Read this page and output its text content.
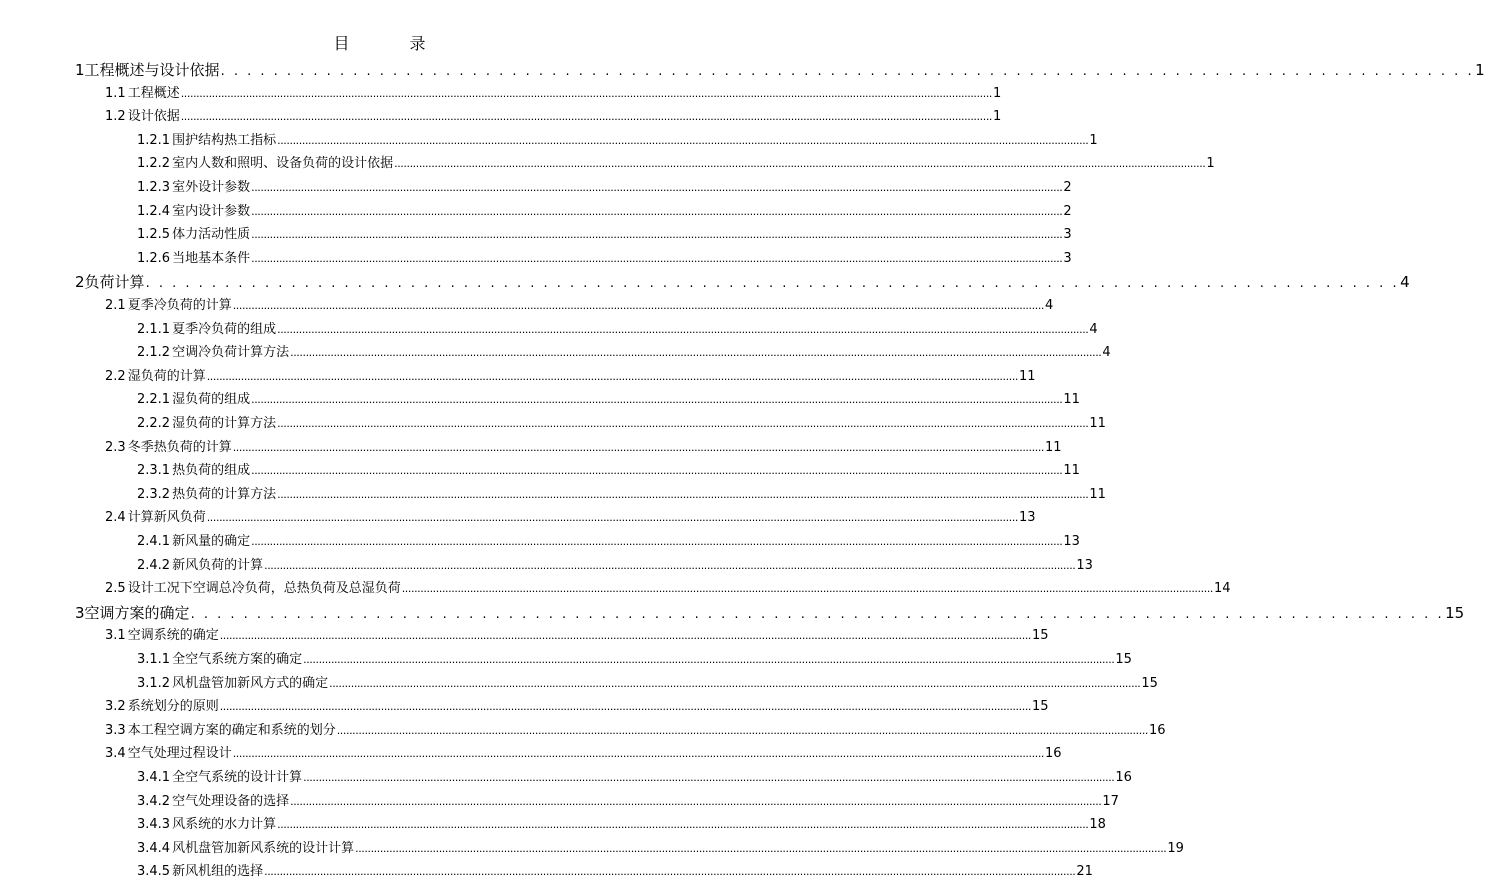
目　录
1 工程概述与设计依据 . . . . . . . . . . . . . . . . . . . . . . . . . . . . . . . . . . . . . . . . . . . . . . . . . . . . . . . . . . . . . . . . . . . . . . . . . . . . . . . . . . . . . . . . . . . . . . . 1
1.1 工程概述 ...................................................................................................................................................................................................................................................................... 1
1.2 设计依据 ...................................................................................................................................................................................................................................................................... 1
1.2.1 围护结构热工指标 ...................................................................................................................................................................................................................................................................... 1
1.2.2 室内人数和照明、设备负荷的设计依据 ...................................................................................................................................................................................................................................................................... 1
1.2.3 室外设计参数 ...................................................................................................................................................................................................................................................................... 2
1.2.4 室内设计参数 ...................................................................................................................................................................................................................................................................... 2
1.2.5 体力活动性质 ...................................................................................................................................................................................................................................................................... 3
1.2.6 当地基本条件 ...................................................................................................................................................................................................................................................................... 3
2 负荷计算 . . . . . . . . . . . . . . . . . . . . . . . . . . . . . . . . . . . . . . . . . . . . . . . . . . . . . . . . . . . . . . . . . . . . . . . . . . . . . . . . . . . . . . . . . . . . . . . 4
2.1 夏季冷负荷的计算 ...................................................................................................................................................................................................................................................................... 4
2.1.1 夏季冷负荷的组成 ...................................................................................................................................................................................................................................................................... 4
2.1.2 空调冷负荷计算方法 ...................................................................................................................................................................................................................................................................... 4
2.2 湿负荷的计算 ...................................................................................................................................................................................................................................................................... 11
2.2.1 湿负荷的组成 ...................................................................................................................................................................................................................................................................... 11
2.2.2 湿负荷的计算方法 ...................................................................................................................................................................................................................................................................... 11
2.3 冬季热负荷的计算 ...................................................................................................................................................................................................................................................................... 11
2.3.1 热负荷的组成 ...................................................................................................................................................................................................................................................................... 11
2.3.2 热负荷的计算方法 ...................................................................................................................................................................................................................................................................... 11
2.4 计算新风负荷 ...................................................................................................................................................................................................................................................................... 13
2.4.1 新风量的确定 ...................................................................................................................................................................................................................................................................... 13
2.4.2 新风负荷的计算 ...................................................................................................................................................................................................................................................................... 13
2.5 设计工况下空调总冷负荷，总热负荷及总湿负荷 ...................................................................................................................................................................................................................................................................... 14
3 空调方案的确定 . . . . . . . . . . . . . . . . . . . . . . . . . . . . . . . . . . . . . . . . . . . . . . . . . . . . . . . . . . . . . . . . . . . . . . . . . . . . . . . . . . . . . . . . . . . . . . . 15
3.1 空调系统的确定 ...................................................................................................................................................................................................................................................................... 15
3.1.1 全空气系统方案的确定 ...................................................................................................................................................................................................................................................................... 15
3.1.2 风机盘管加新风方式的确定 ...................................................................................................................................................................................................................................................................... 15
3.2 系统划分的原则 ...................................................................................................................................................................................................................................................................... 15
3.3 本工程空调方案的确定和系统的划分 ...................................................................................................................................................................................................................................................................... 16
3.4 空气处理过程设计 ...................................................................................................................................................................................................................................................................... 16
3.4.1 全空气系统的设计计算 ...................................................................................................................................................................................................................................................................... 16
3.4.2 空气处理设备的选择 ...................................................................................................................................................................................................................................................................... 17
3.4.3 风系统的水力计算 ...................................................................................................................................................................................................................................................................... 18
3.4.4 风机盘管加新风系统的设计计算 ...................................................................................................................................................................................................................................................................... 19
3.4.5 新风机组的选择 ...................................................................................................................................................................................................................................................................... 21
